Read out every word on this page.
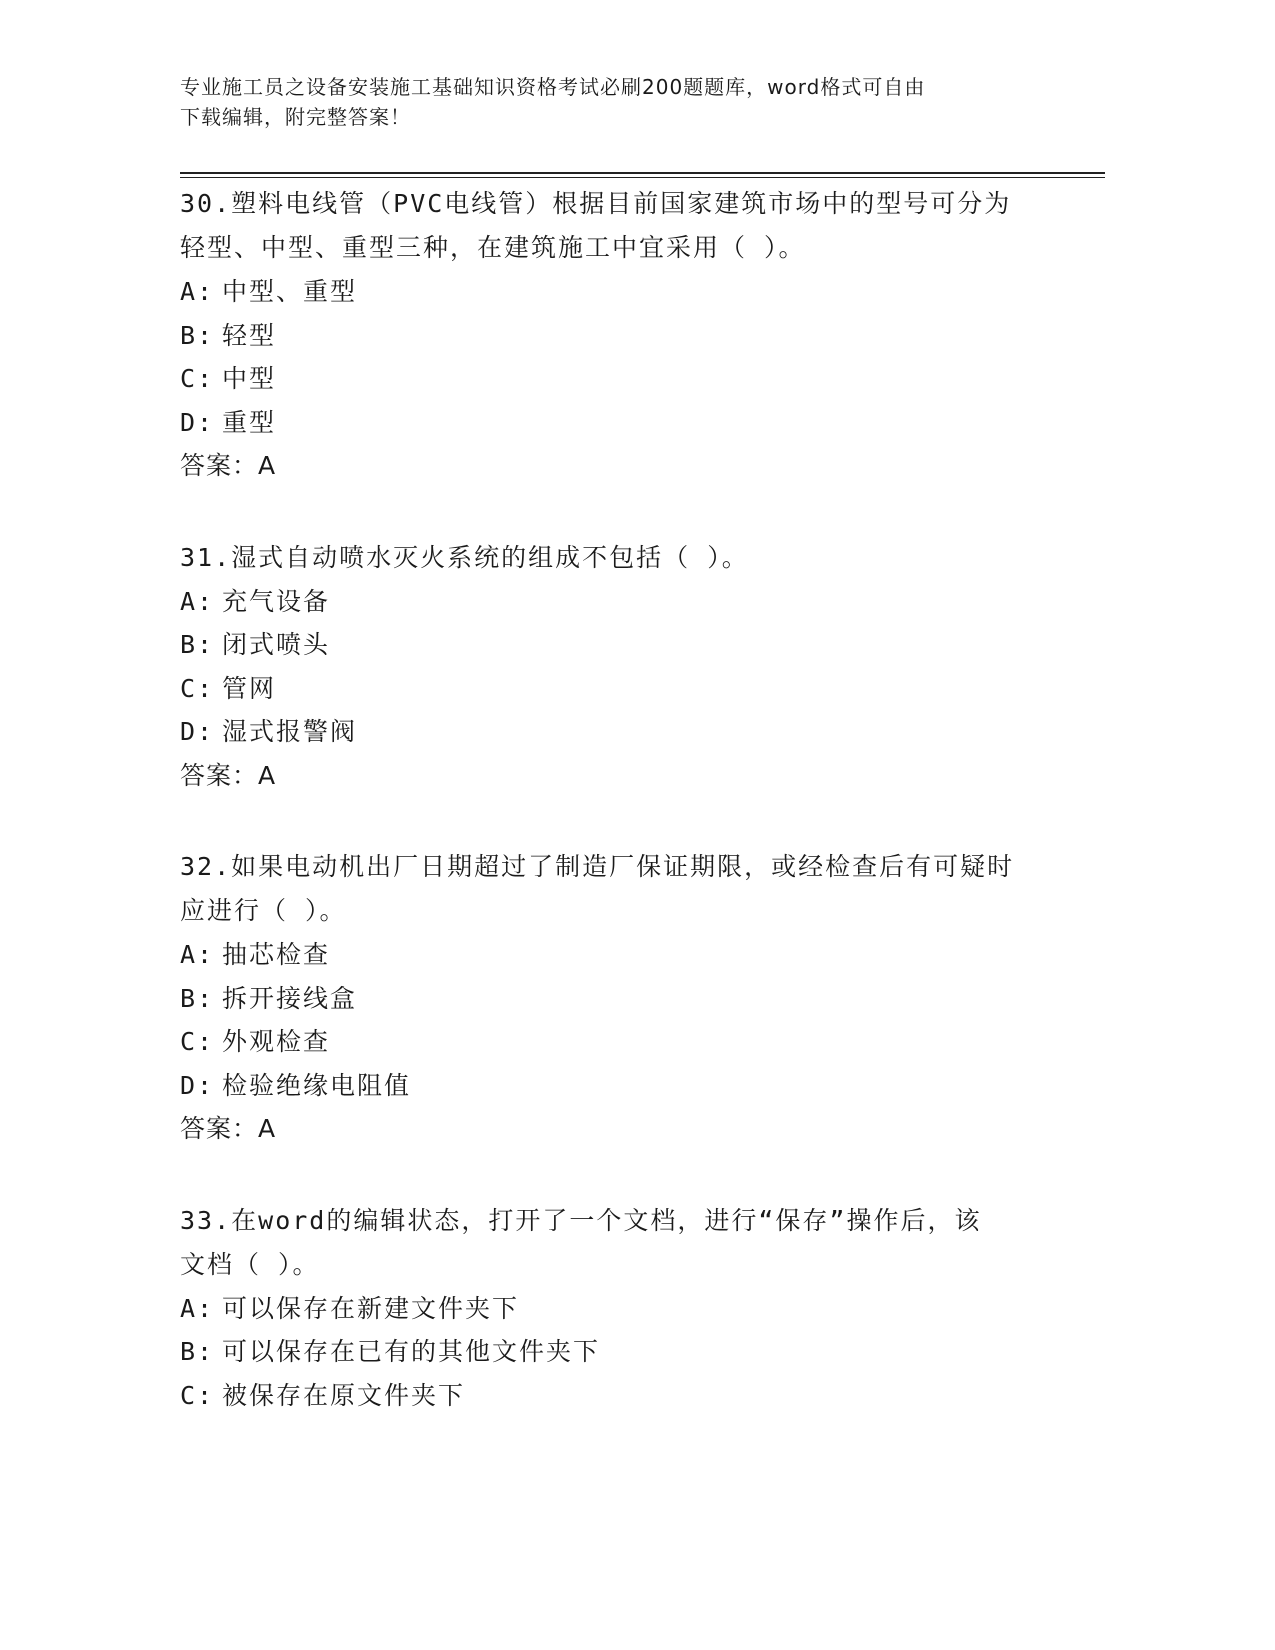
专业施工员之设备安装施工基础知识资格考试必刷200题题库，word格式可自由
下载编辑，附完整答案！

30.塑料电线管（PVC电线管）根据目前国家建筑市场中的型号可分为
轻型、中型、重型三种，在建筑施工中宜采用（ ）。

A: 中型、重型

B: 轻型

C: 中型

D: 重型

答案：A

31.湿式自动喷水灭火系统的组成不包括（ ）。

A: 充气设备

B: 闭式喷头

C: 管网

D: 湿式报警阀

答案：A

32.如果电动机出厂日期超过了制造厂保证期限，或经检查后有可疑时
应进行（ ）。

A: 抽芯检查

B: 拆开接线盒

C: 外观检查

D: 检验绝缘电阻值

答案：A

33.在word的编辑状态，打开了一个文档，进行“保存”操作后，该
文档（ ）。

A: 可以保存在新建文件夹下

B: 可以保存在已有的其他文件夹下

C: 被保存在原文件夹下
